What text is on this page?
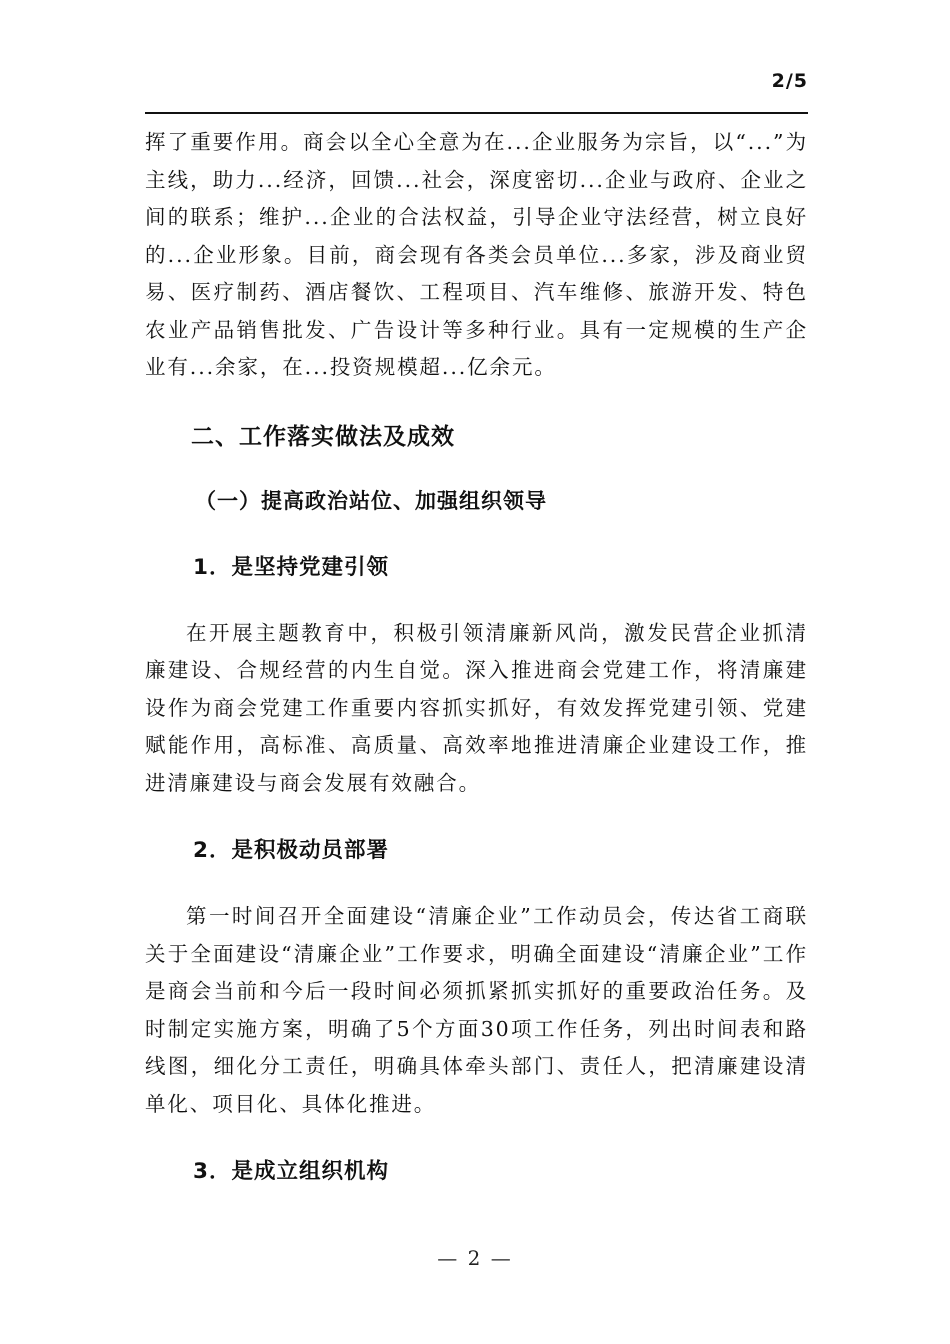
2/5

挥了重要作用。商会以全心全意为在...企业服务为宗旨，以“...”为主线，助力...经济，回馈...社会，深度密切...企业与政府、企业之间的联系；维护...企业的合法权益，引导企业守法经营，树立良好的...企业形象。目前，商会现有各类会员单位...多家，涉及商业贸易、医疗制药、酒店餐饮、工程项目、汽车维修、旅游开发、特色农业产品销售批发、广告设计等多种行业。具有一定规模的生产企业有...余家，在...投资规模超...亿余元。

二、工作落实做法及成效
（一）提高政治站位、加强组织领导
1．是坚持党建引领

在开展主题教育中，积极引领清廉新风尚，激发民营企业抓清廉建设、合规经营的内生自觉。深入推进商会党建工作，将清廉建设作为商会党建工作重要内容抓实抓好，有效发挥党建引领、党建赋能作用，高标准、高质量、高效率地推进清廉企业建设工作，推进清廉建设与商会发展有效融合。

2．是积极动员部署

第一时间召开全面建设“清廉企业”工作动员会，传达省工商联关于全面建设“清廉企业”工作要求，明确全面建设“清廉企业”工作是商会当前和今后一段时间必须抓紧抓实抓好的重要政治任务。及时制定实施方案，明确了5个方面30项工作任务，列出时间表和路线图，细化分工责任，明确具体牵头部门、责任人，把清廉建设清单化、项目化、具体化推进。

3．是成立组织机构
— 2 —
